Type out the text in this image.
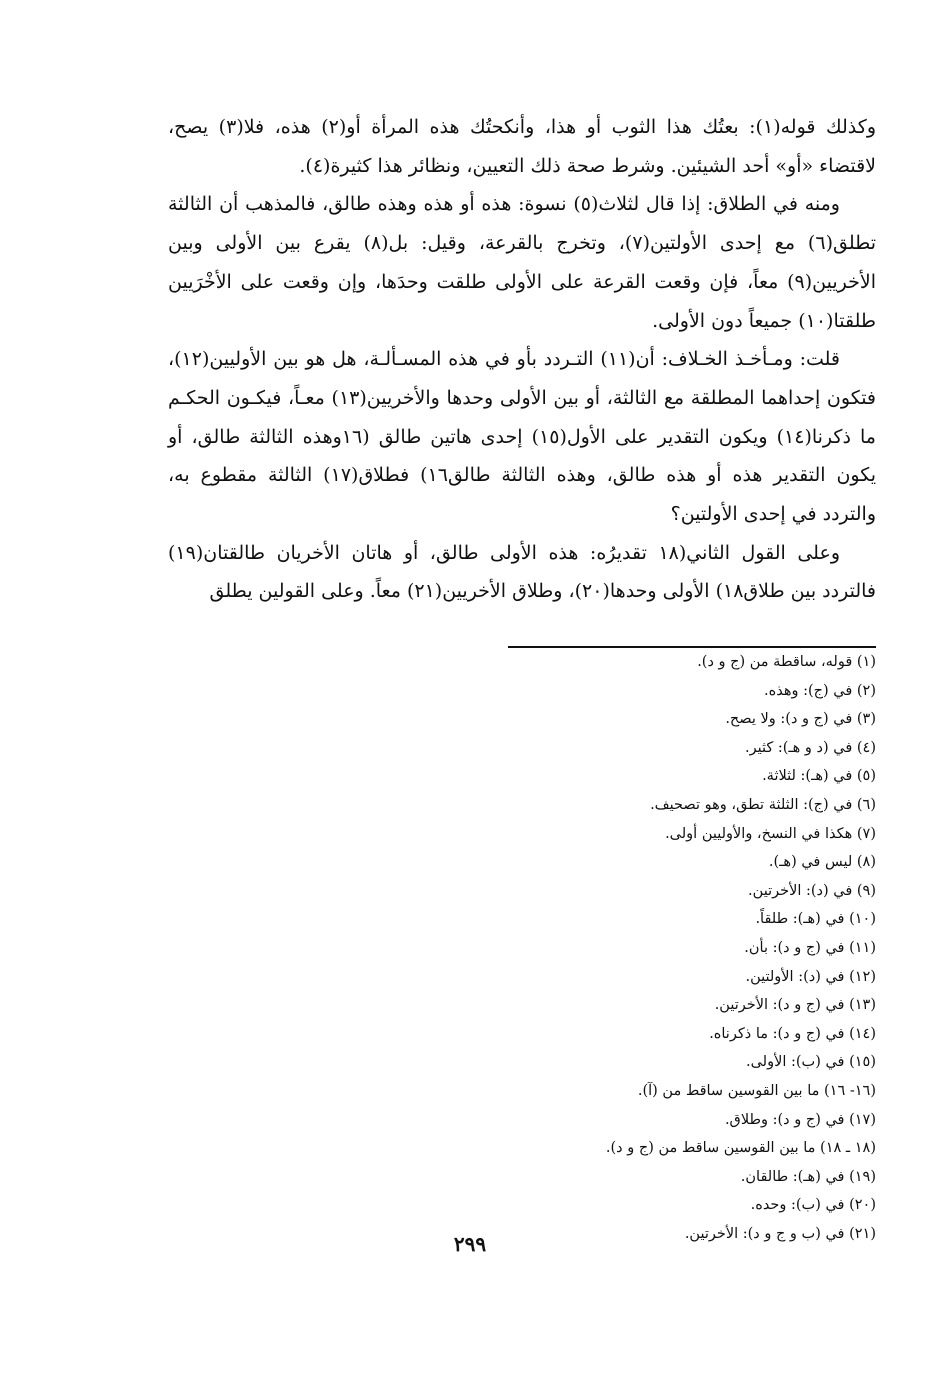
وكذلك قوله(١): بعتُك هذا الثوب أو هذا، وأنكحتُك هذه المرأة أو(٢) هذه، فلا(٣) يصح، لاقتضاء «أو» أحد الشيئين. وشرط صحة ذلك التعيين، ونظائر هذا كثيرة(٤).

ومنه في الطلاق: إذا قال لثلاث(٥) نسوة: هذه أو هذه وهذه طالق، فالمذهب أن الثالثة تطلق(٦) مع إحدى الأولتين(٧)، وتخرج بالقرعة، وقيل: بل(٨) يقرع بين الأولى وبين الأخريين(٩) معاً، فإن وقعت القرعة على الأولى طلقت وحدَها، وإن وقعت على الأخْرَيين طلقتا(١٠) جميعاً دون الأولى.

قلت: ومـأخـذ الخـلاف: أن(١١) التـردد بأو في هذه المسـألـة، هل هو بين الأوليين(١٢)، فتكون إحداهما المطلقة مع الثالثة، أو بين الأولى وحدها والأخريين(١٣) معـاً، فيكـون الحكـم ما ذكرنا(١٤) ويكون التقدير على الأول(١٥) إحدى هاتين طالق (١٦وهذه الثالثة طالق، أو يكون التقدير هذه أو هذه طالق، وهذه الثالثة طالق١٦) فطلاق(١٧) الثالثة مقطوع به، والتردد في إحدى الأولتين؟

وعلى القول الثاني(١٨ تقديرُه: هذه الأولى طالق، أو هاتان الأخريان طالقتان(١٩) فالتردد بين طلاق١٨) الأولى وحدها(٢٠)، وطلاق الأخريين(٢١) معاً. وعلى القولين يطلق

(١) قوله، ساقطة من (ج و د).
(٢) في (ج): وهذه.
(٣) في (ج و د): ولا يصح.
(٤) في (د و هـ): كثير.
(٥) في (هـ): لثلاثة.
(٦) في (ج): الثلثة تطق، وهو تصحيف.
(٧) هكذا في النسخ، والأوليين أولى.
(٨) ليس في (هـ).
(٩) في (د): الأخرتين.
(١٠) في (هـ): طلقاً.
(١١) في (ج و د): بأن.
(١٢) في (د): الأولتين.
(١٣) في (ج و د): الأخرتين.
(١٤) في (ج و د): ما ذكرناه.
(١٥) في (ب): الأولى.
(١٦- ١٦) ما بين القوسين ساقط من (آ).
(١٧) في (ج و د): وطلاق.
(١٨ ـ ١٨) ما بين القوسين ساقط من (ج و د).
(١٩) في (هـ): طالقان.
(٢٠) في (ب): وحده.
(٢١) في (ب و ج و د): الأخرتين.
٢٩٩
